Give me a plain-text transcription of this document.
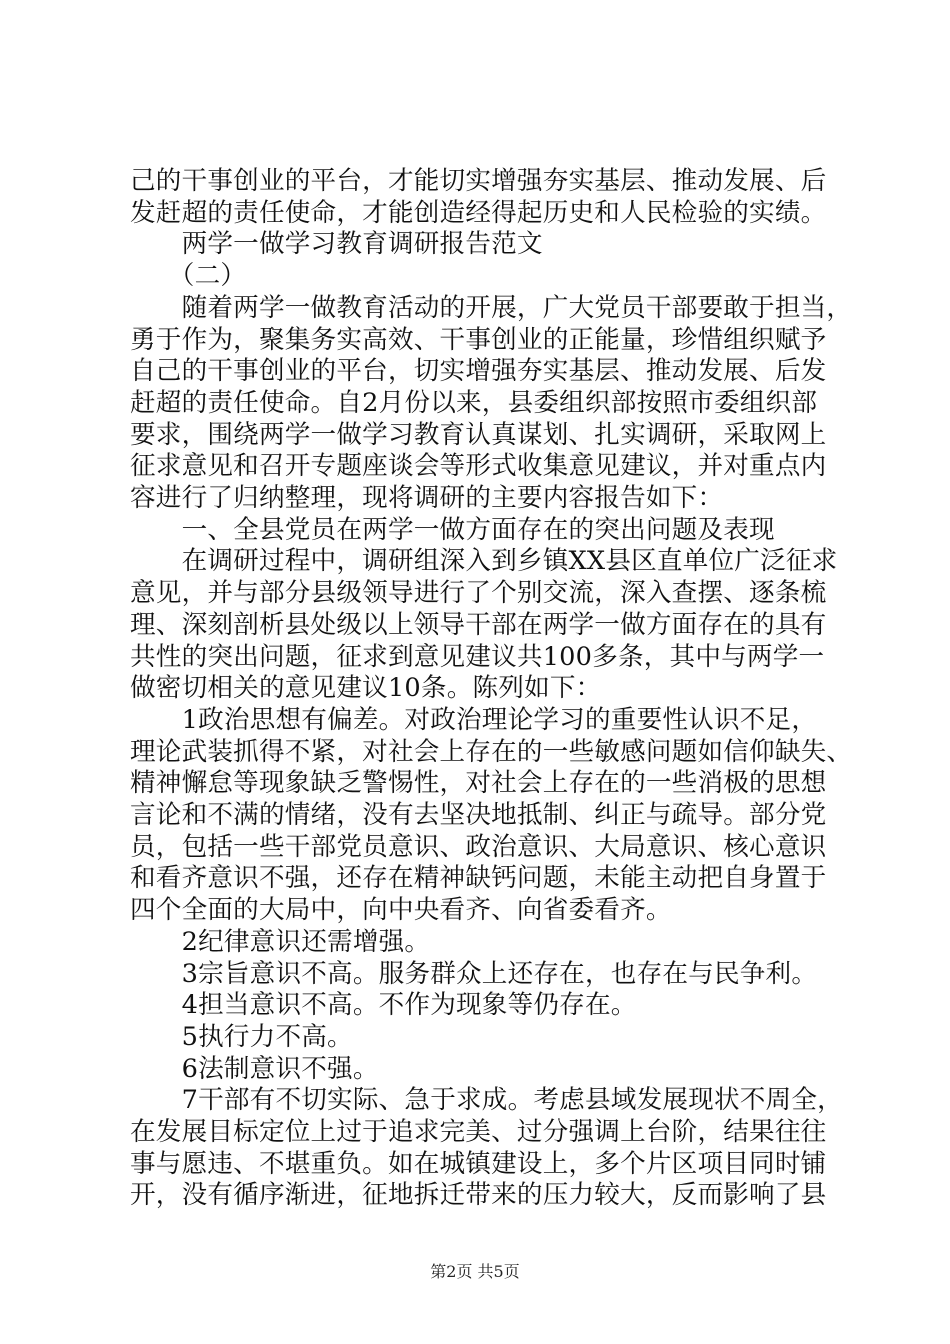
己的干事创业的平台，才能切实增强夯实基层、推动发展、后
发赶超的责任使命，才能创造经得起历史和人民检验的实绩。
　　两学一做学习教育调研报告范文
　　（二）
　　随着两学一做教育活动的开展，广大党员干部要敢于担当，
勇于作为，聚集务实高效、干事创业的正能量，珍惜组织赋予
自己的干事创业的平台，切实增强夯实基层、推动发展、后发
赶超的责任使命。自2月份以来，县委组织部按照市委组织部
要求，围绕两学一做学习教育认真谋划、扎实调研，采取网上
征求意见和召开专题座谈会等形式收集意见建议，并对重点内
容进行了归纳整理，现将调研的主要内容报告如下：
　　一、全县党员在两学一做方面存在的突出问题及表现
　　在调研过程中，调研组深入到乡镇XX县区直单位广泛征求
意见，并与部分县级领导进行了个别交流，深入查摆、逐条梳
理、深刻剖析县处级以上领导干部在两学一做方面存在的具有
共性的突出问题，征求到意见建议共100多条，其中与两学一
做密切相关的意见建议10条。陈列如下：
　　1政治思想有偏差。对政治理论学习的重要性认识不足，
理论武装抓得不紧，对社会上存在的一些敏感问题如信仰缺失、
精神懈怠等现象缺乏警惕性，对社会上存在的一些消极的思想
言论和不满的情绪，没有去坚决地抵制、纠正与疏导。部分党
员，包括一些干部党员意识、政治意识、大局意识、核心意识
和看齐意识不强，还存在精神缺钙问题，未能主动把自身置于
四个全面的大局中，向中央看齐、向省委看齐。
　　2纪律意识还需增强。
　　3宗旨意识不高。服务群众上还存在，也存在与民争利。
　　4担当意识不高。不作为现象等仍存在。
　　5执行力不高。
　　6法制意识不强。
　　7干部有不切实际、急于求成。考虑县域发展现状不周全，
在发展目标定位上过于追求完美、过分强调上台阶，结果往往
事与愿违、不堪重负。如在城镇建设上，多个片区项目同时铺
开，没有循序渐进，征地拆迁带来的压力较大，反而影响了县
第2页 共5页
